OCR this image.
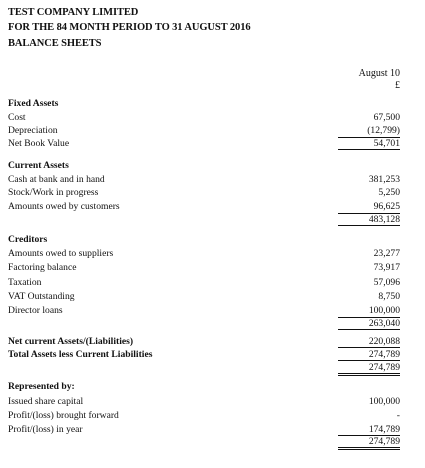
TEST COMPANY LIMITED
FOR THE 84 MONTH PERIOD TO 31 AUGUST 2016
BALANCE SHEETS
August 10
£
Fixed Assets
Cost	67,500
Depreciation	(12,799)
Net Book Value	54,701
Current Assets
Cash at bank and in hand	381,253
Stock/Work in progress	5,250
Amounts owed by customers	96,625
483,128
Creditors
Amounts owed to suppliers	23,277
Factoring balance	73,917
Taxation	57,096
VAT Outstanding	8,750
Director loans	100,000
263,040
Net current Assets/(Liabilities)	220,088
Total Assets less Current Liabilities	274,789
274,789
Represented by:
Issued share capital	100,000
Profit/(loss) brought forward	-
Profit/(loss) in year	174,789
274,789
